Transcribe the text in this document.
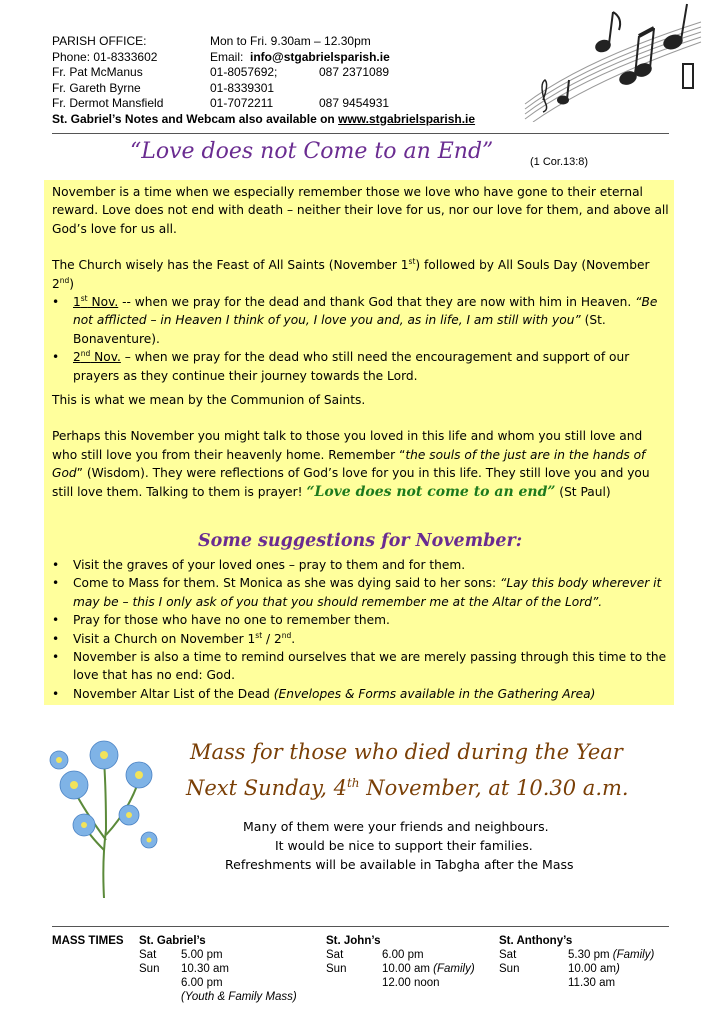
PARISH OFFICE:	Mon to Fri. 9.30am – 12.30pm
Phone: 01-8333602	Email:
info@stgabrielsparish.ie
Fr. Pat McManus	01-8057692;	087 2371089
Fr. Gareth Byrne	01-8339301
Fr. Dermot Mansfield	01-7072211	087 9454931
St. Gabriel’s Notes and Webcam also available on www.stgabrielsparish.ie
“Love does not Come to an End”	(1 Cor.13:8)

November is a time when we especially remember those we love who have gone to their eternal reward. Love does not end with death – neither their love for us, nor our love for them, and above all God’s love for us all.

The Church wisely has the Feast of All Saints (November 1st) followed by All Souls Day (November 2nd)

• 1st Nov. -- when we pray for the dead and thank God that they are now with him in Heaven. “Be not afflicted – in Heaven I think of you, I love you and, as in life, I am still with you” (St. Bonaventure).
• 2nd Nov. – when we pray for the dead who still need the encouragement and support of our prayers as they continue their journey towards the Lord.

This is what we mean by the Communion of Saints.

Perhaps this November you might talk to those you loved in this life and whom you still love and who still love you from their heavenly home. Remember “the souls of the just are in the hands of God” (Wisdom). They were reflections of God’s love for you in this life. They still love you and you still love them. Talking to them is prayer! “Love does not come to an end” (St Paul)

Some suggestions for November:
• Visit the graves of your loved ones – pray to them and for them.
• Come to Mass for them. St Monica as she was dying said to her sons: “Lay this body wherever it may be – this I only ask of you that you should remember me at the Altar of the Lord”.
• Pray for those who have no one to remember them.
• Visit a Church on November 1st / 2nd.
• November is also a time to remind ourselves that we are merely passing through this time to the love that has no end: God.
• November Altar List of the Dead (Envelopes & Forms available in the Gathering Area)
Mass for those who died during the Year
Next Sunday, 4th November, at 10.30 a.m.
Many of them were your friends and neighbours.
It would be nice to support their families.
Refreshments will be available in Tabgha after the Mass
MASS TIMES St. Gabriel’s
Sat 5.00 pm
Sun 10.30 am
6.00 pm
(Youth & Family Mass)
St. John’s
Sat	6.00 pm
Sun	10.00 am (Family)
12.00 noon
St. Anthony’s
Sat	5.30 pm (Family)
Sun	10.00 am)
11.30 am
